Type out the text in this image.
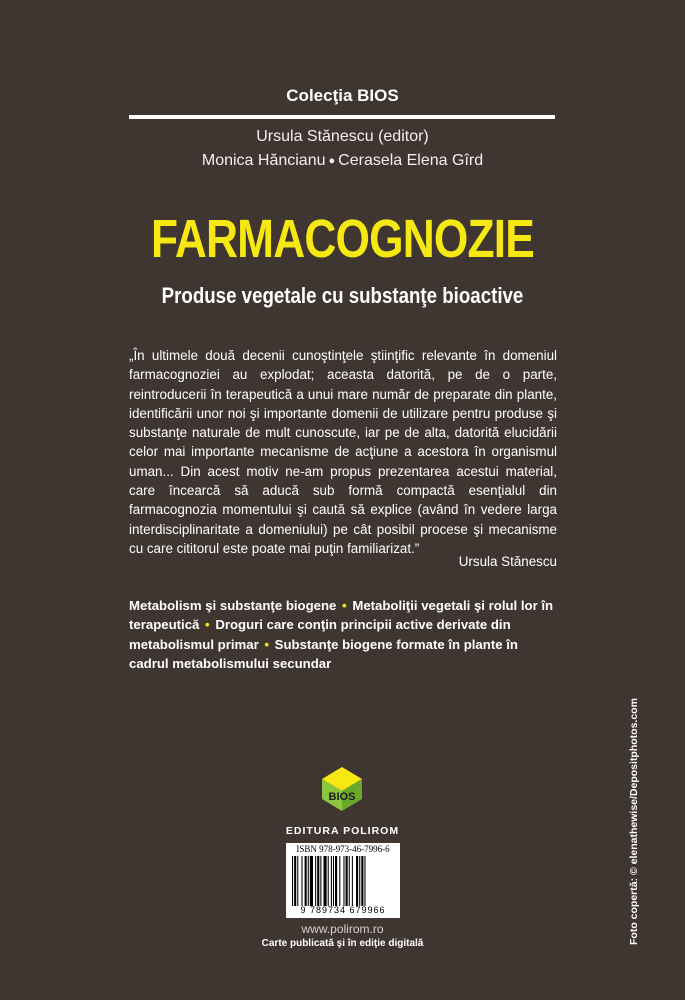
Colecţia BIOS
Ursula Stănescu (editor)
Monica Hăncianu ● Cerasela Elena Gîrd
FARMACOGNOZIE
Produse vegetale cu substanţe bioactive
„În ultimele două decenii cunoştinţele ştiinţific relevante în domeniul farmacognoziei au explodat; aceasta datorită, pe de o parte, reintroducerii în terapeutică a unui mare număr de preparate din plante, identificării unor noi şi importante domenii de utilizare pentru produse şi substanţe naturale de mult cunoscute, iar pe de alta, datorită elucidării celor mai importante mecanisme de acţiune a acestora în organismul uman... Din acest motiv ne-am propus prezentarea acestui material, care încearcă să aducă sub formă compactă esenţialul din farmacognozia momentului şi caută să explice (având în vedere larga interdisciplinaritate a domeniului) pe cât posibil procese şi mecanisme cu care cititorul este poate mai puţin familiarizat.”
Ursula Stănescu
Metabolism şi substanţe biogene • Metaboliţii vegetali şi rolul lor în terapeutică • Droguri care conţin principii active derivate din metabolismul primar • Substanţe biogene formate în plante în cadrul metabolismului secundar
BIOS
EDITURA POLIROM
ISBN 978-973-46-7996-6
9 789734 679966
www.polirom.ro
Carte publicată şi în ediţie digitală	Foto copertă: © elenathewise/Depositphotos.com
